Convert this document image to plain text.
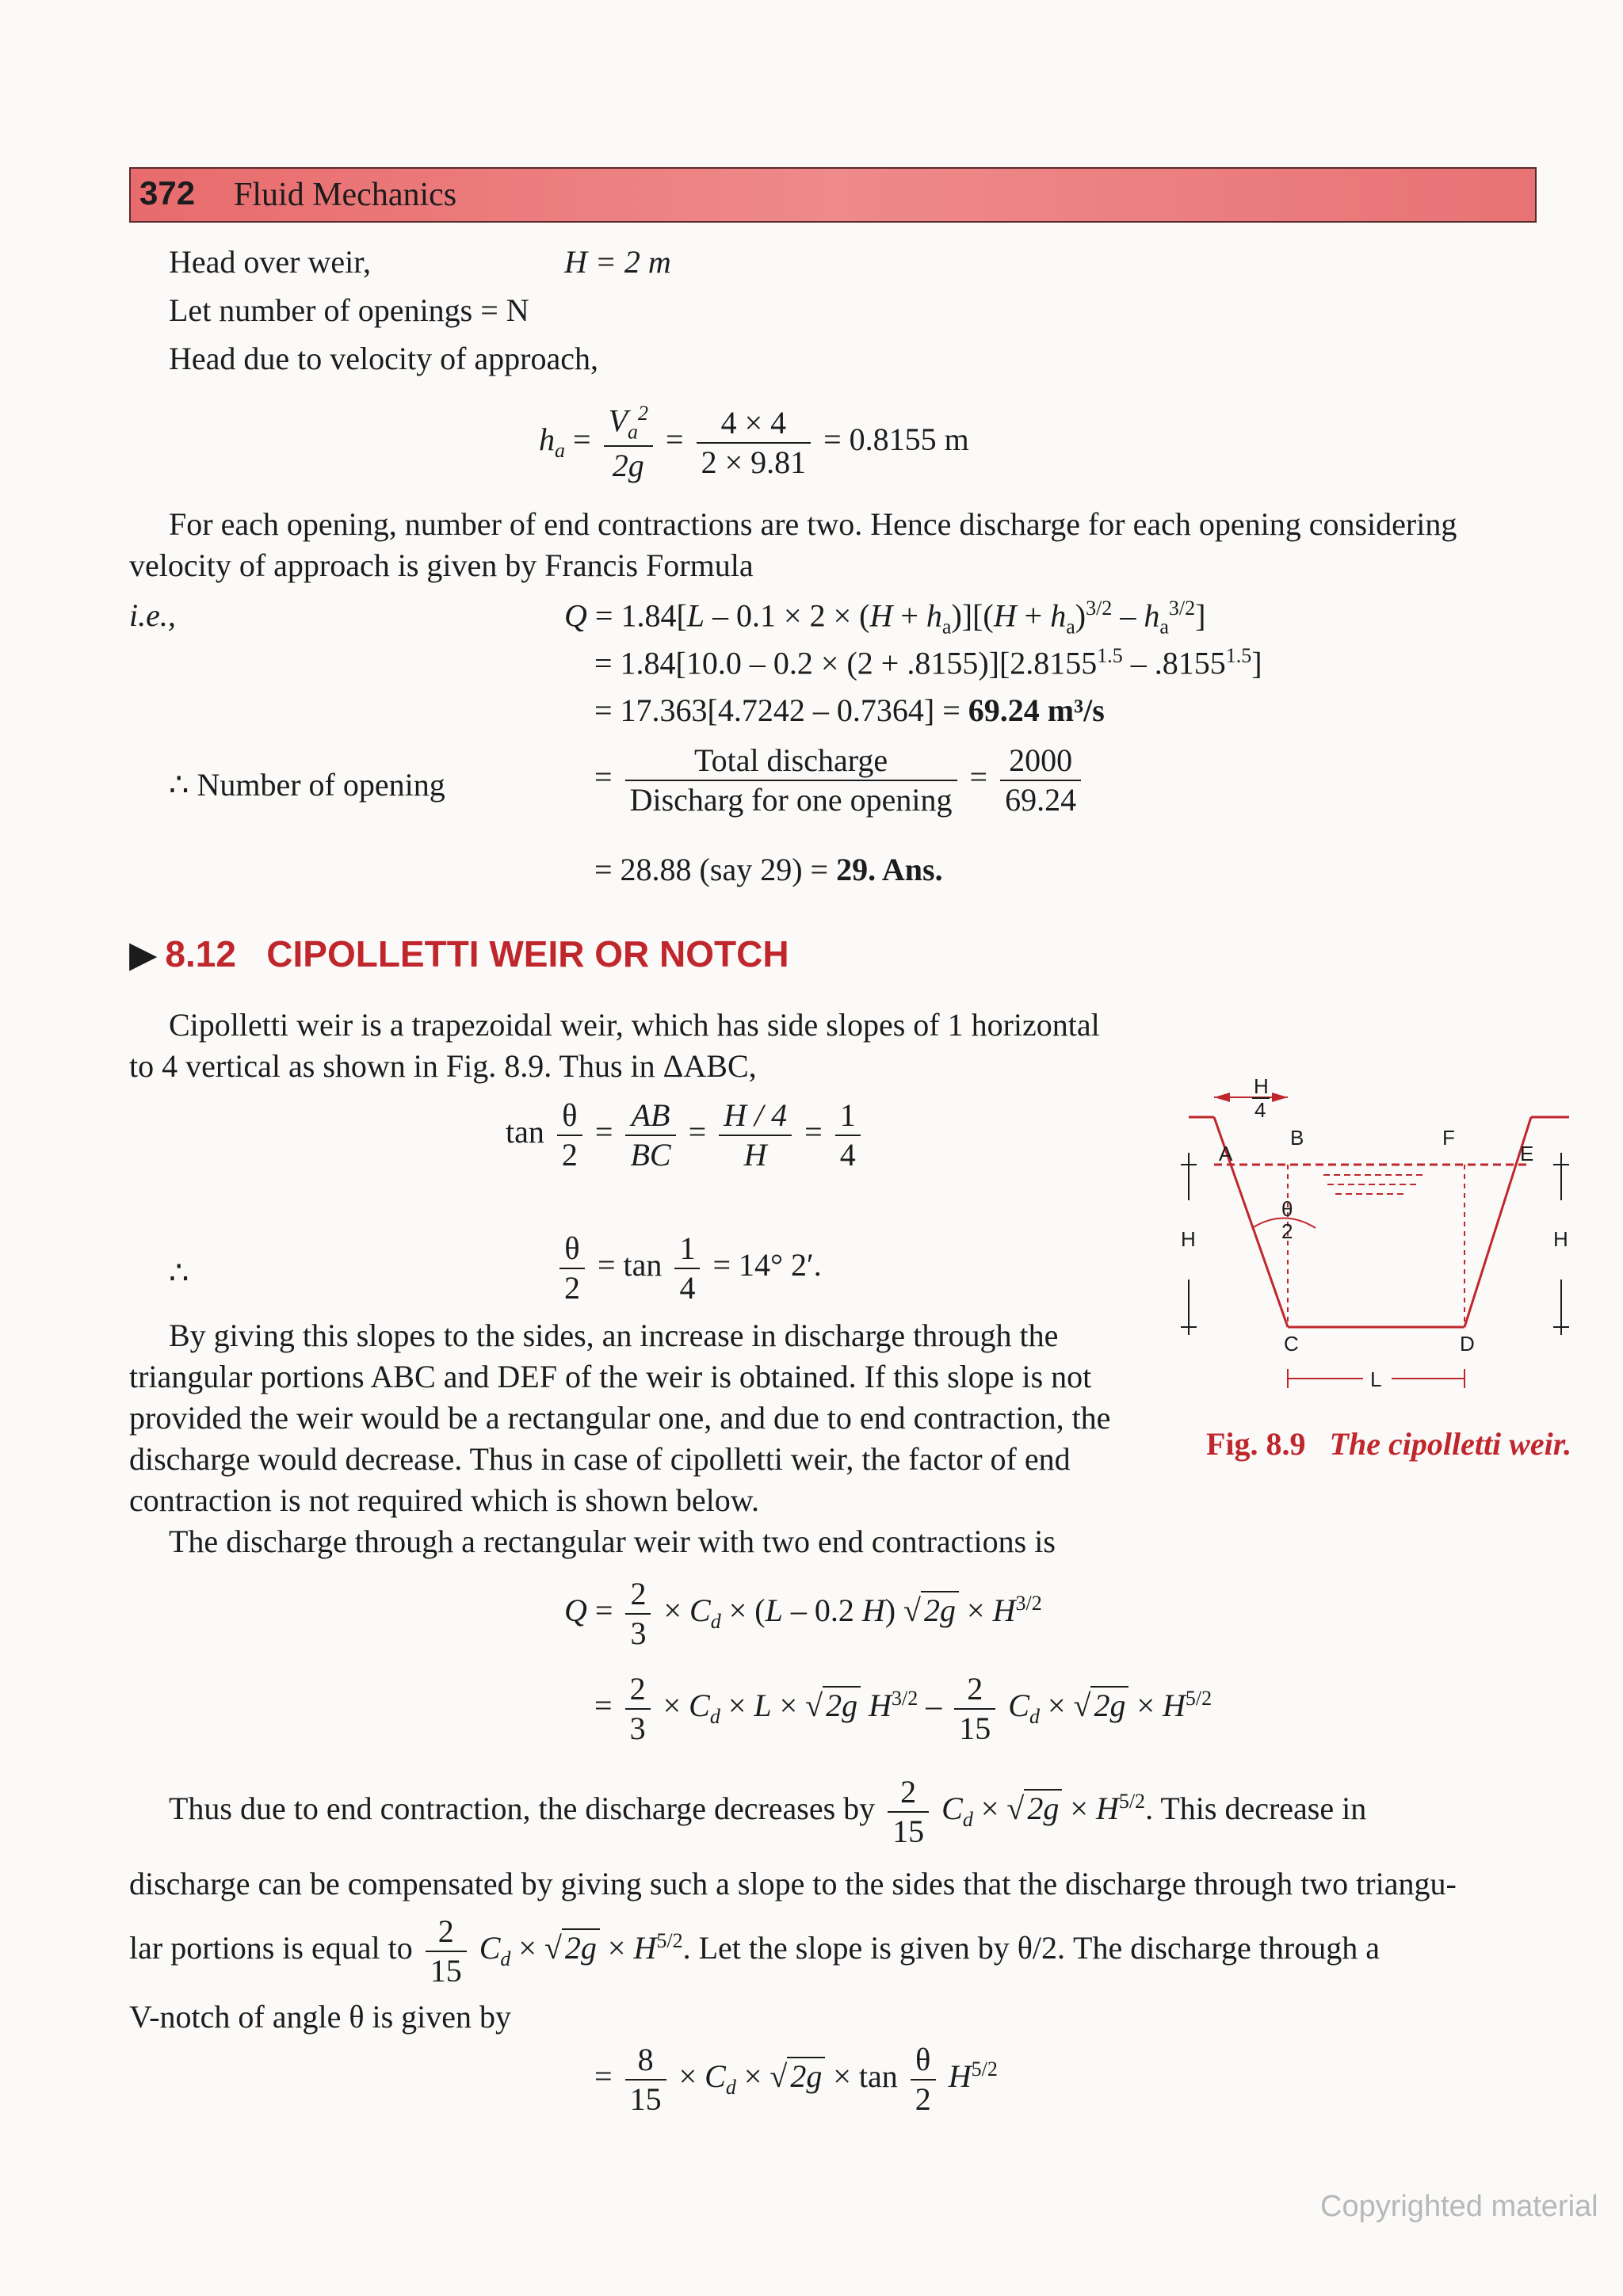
372 Fluid Mechanics
Head over weir,	H = 2 m
Let number of openings = N
Head due to velocity of approach,
$h_a = \frac{V_a^2}{2g} = \frac{4 \times 4}{2 \times 9.81} = 0.8155$ m
For each opening, number of end contractions are two. Hence discharge for each opening considering velocity of approach is given by Francis Formula
i.e.,	$Q = 1.84[L - 0.1 \times 2 \times (H + h_a)][(H + h_a)^{3/2} - h_a^{3/2}]$
= $1.84[10.0 - 0.2 \times (2 + .8155)][2.8155^{1.5} - .8155^{1.5}]$
= 17.363[4.7242 – 0.7364] = 69.24 m³/s
∴ Number of opening	= $\frac{\text{Total discharge}}{\text{Discharg for one opening}} = \frac{2000}{69.24}$
= 28.88 (say 29) = 29. Ans.
▶ 8.12 CIPOLLETTI WEIR OR NOTCH
Cipolletti weir is a trapezoidal weir, which has side slopes of 1 horizontal to 4 vertical as shown in Fig. 8.9. Thus in ΔABC,
$\tan \frac{\theta}{2} = \frac{AB}{BC} = \frac{H / 4}{H} = \frac{1}{4}$
∴	$\frac{\theta}{2} = \tan \frac{1}{4} = 14^\circ$ 2′.
By giving this slopes to the sides, an increase in discharge through the triangular portions ABC and DEF of the weir is obtained. If this slope is not provided the weir would be a rectangular one, and due to end contraction, the discharge would decrease. Thus in case of cipolletti weir, the factor of end contraction is not required which is shown below.
The discharge through a rectangular weir with two end contractions is
$Q = \frac{2}{3} \times C_d \times (L - 0.2$ H) √ $2g \times H^{3/2}$
= $\frac{2}{3} \times C_d \times L$ × √ 2g $H^{3/2} - \frac{2}{15} C_d$ × √ $2g \times H^{5/2}$
Thus due to end contraction, the discharge decreases by $\frac{2}{15} C_d$ × √ $2g \times H^{5/2}$. This decrease in
discharge can be compensated by giving such a slope to the sides that the discharge through two triangu-
lar portions is equal to $\frac{2}{15} C_d$ × √ $2g \times H^{5/2}$. Let the slope is given by θ/2. The discharge through a
V-notch of angle θ is given by
= $\frac{8}{15} \times C_d$ × √ $2g \times \tan \frac{\theta}{2} H^{5/2}$
H
4
H	H
θ
2
A
B
C	D
E
F
L
Fig. 8.9 The cipolletti weir.
Copyrighted material
